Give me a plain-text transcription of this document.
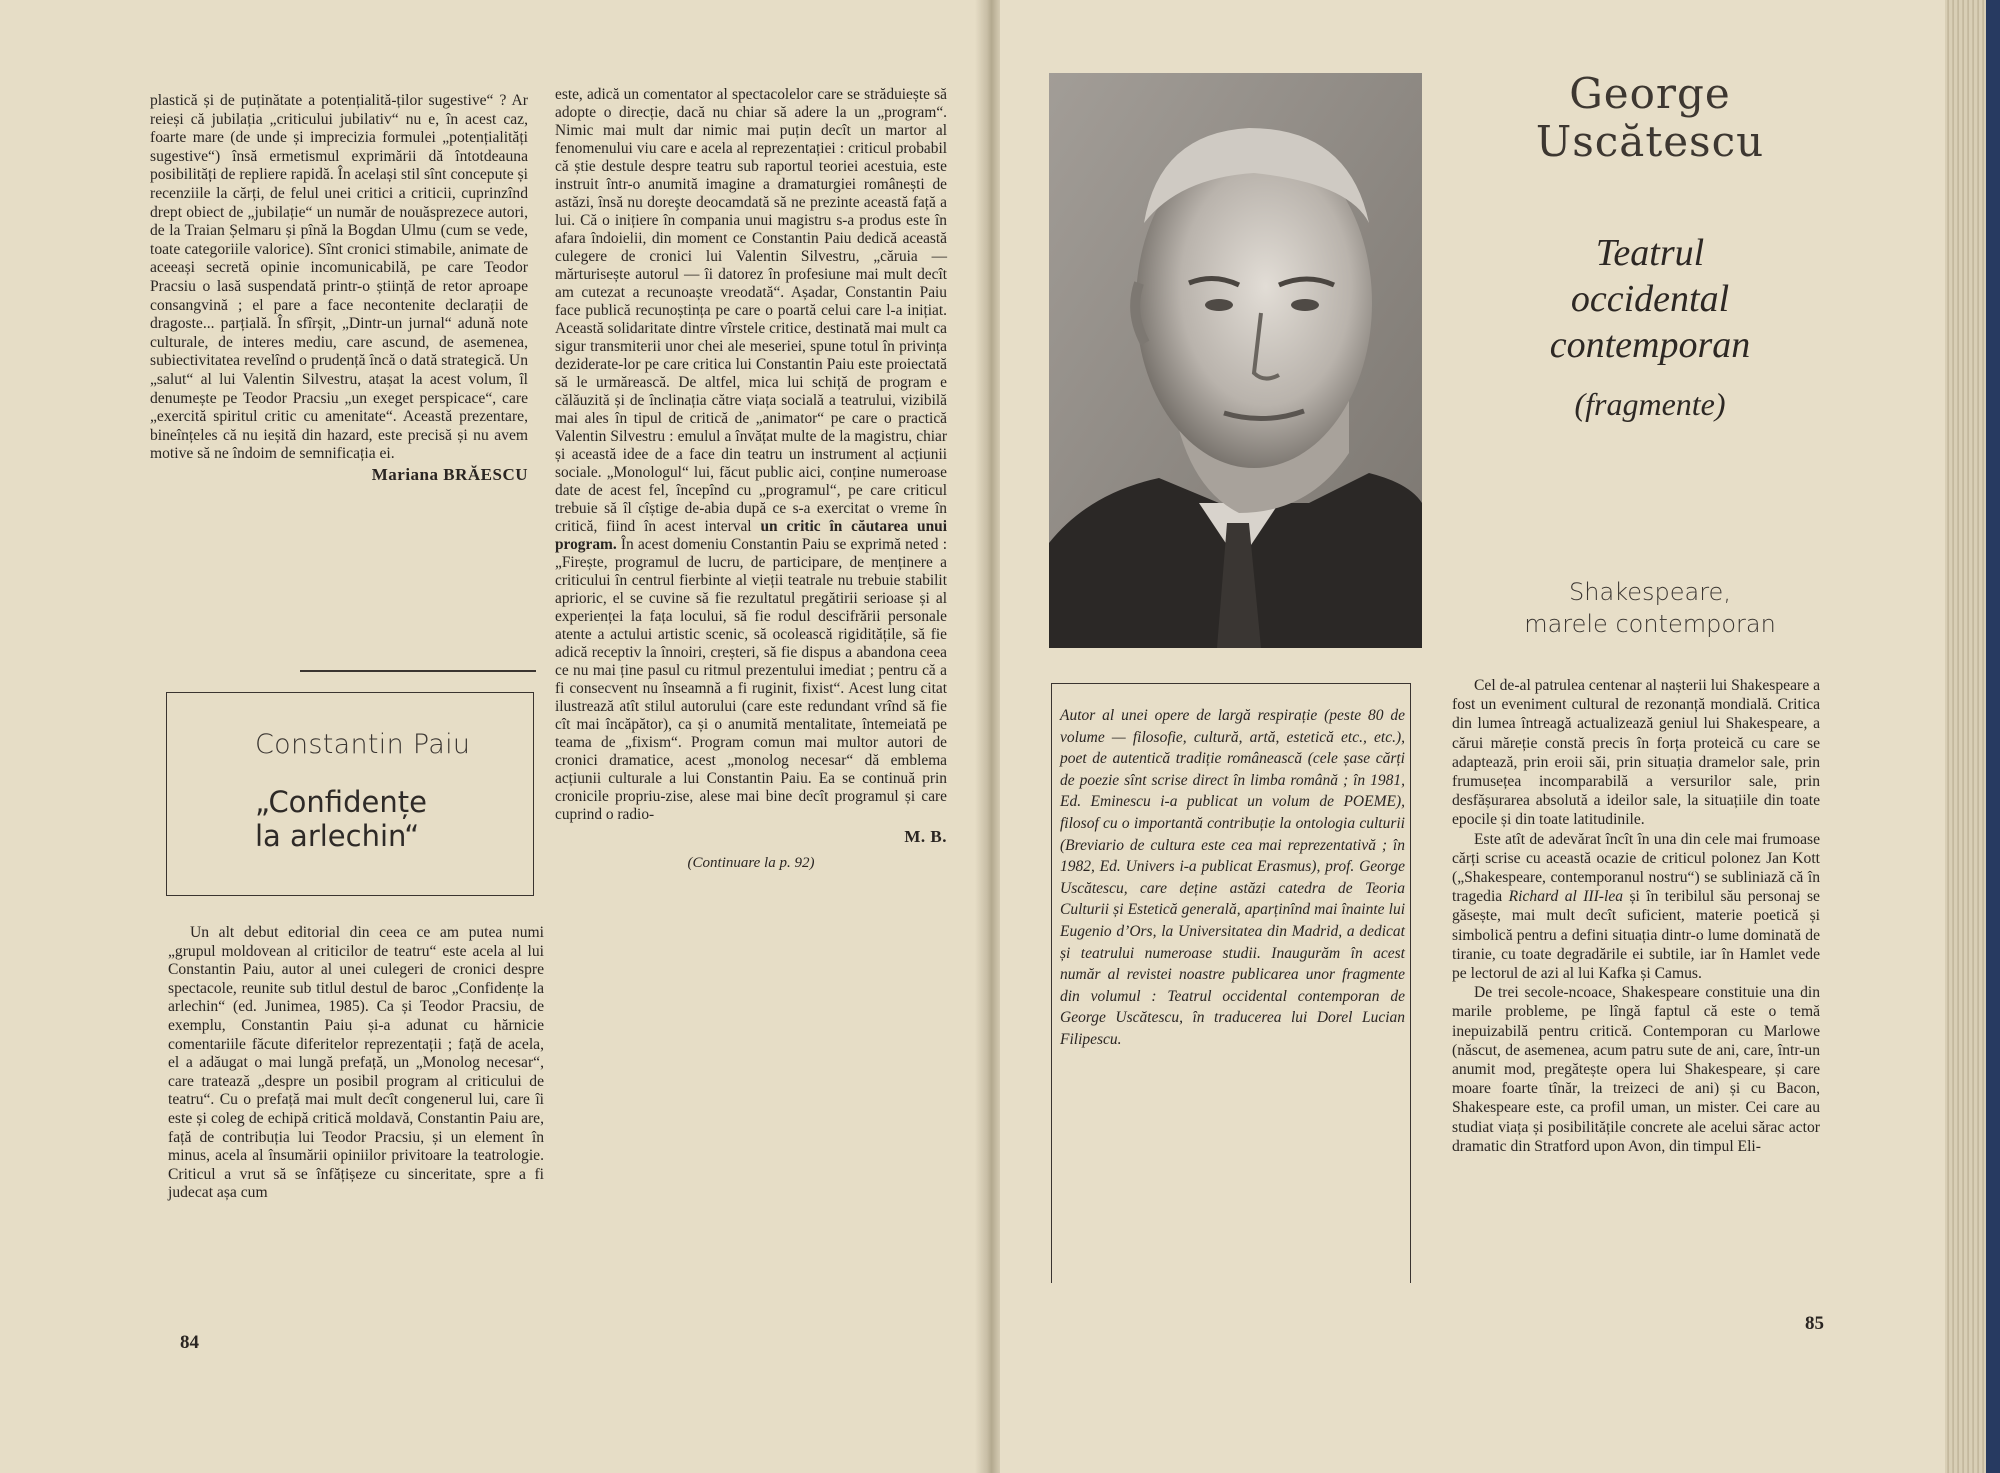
plastică și de puținătate a potențialită-ților sugestive“ ? Ar reieși că jubilația „criticului jubilativ“ nu e, în acest caz, foarte mare (de unde și imprecizia formulei „potențialități sugestive“) însă ermetismul exprimării dă întotdeauna posibilități de repliere rapidă. În același stil sînt concepute și recenziile la cărți, de felul unei critici a criticii, cuprinzînd drept obiect de „jubilație“ un număr de nouăsprezece autori, de la Traian Șelmaru și pînă la Bogdan Ulmu (cum se vede, toate categoriile valorice). Sînt cronici stimabile, animate de aceeași secretă opinie incomunicabilă, pe care Teodor Pracsiu o lasă suspendată printr-o știință de retor aproape consangvină ; el pare a face necontenite declarații de dragoste... parțială. În sfîrșit, „Dintr-un jurnal“ adună note culturale, de interes mediu, care ascund, de asemenea, subiectivitatea revelînd o prudență încă o dată strategică. Un „salut“ al lui Valentin Silvestru, atașat la acest volum, îl denumește pe Teodor Pracsiu „un exeget perspicace“, care „exercită spiritul critic cu amenitate“. Această prezentare, bineînțeles că nu ieșită din hazard, este precisă și nu avem motive să ne îndoim de semnificația ei.

Mariana BRĂESCU

Constantin Paiu
„Confidențe la arlechin“

Un alt debut editorial din ceea ce am putea numi „grupul moldovean al criticilor de teatru“ este acela al lui Constantin Paiu, autor al unei culegeri de cronici despre spectacole, reunite sub titlul destul de baroc „Confidențe la arlechin“ (ed. Junimea, 1985). Ca și Teodor Pracsiu, de exemplu, Constantin Paiu și-a adunat cu hărnicie comentariile făcute diferitelor reprezentații ; față de acela, el a adăugat o mai lungă prefață, un „Monolog necesar“, care tratează „despre un posibil program al criticului de teatru“. Cu o prefață mai mult decît congenerul lui, care îi este și coleg de echipă critică moldavă, Constantin Paiu are, față de contribuția lui Teodor Pracsiu, și un element în minus, acela al însumării opiniilor privitoare la teatrologie. Criticul a vrut să se înfățișeze cu sinceritate, spre a fi judecat așa cum

este, adică un comentator al spectacolelor care se străduiește să adopte o direcție, dacă nu chiar să adere la un „program“. Nimic mai mult dar nimic mai puțin decît un martor al fenomenului viu care e acela al reprezentației : criticul probabil că știe destule despre teatru sub raportul teoriei acestuia, este instruit într-o anumită imagine a dramaturgiei românești de astăzi, însă nu doreşte deocamdată să ne prezinte această față a lui. Că o inițiere în compania unui magistru s-a produs este în afara îndoielii, din moment ce Constantin Paiu dedică această culegere de cronici lui Valentin Silvestru, „căruia — mărturisește autorul — îi datorez în profesiune mai mult decît am cutezat a recunoaște vreodată“. Așadar, Constantin Paiu face publică recunoștința pe care o poartă celui care l-a inițiat. Această solidaritate dintre vîrstele critice, destinată mai mult ca sigur transmiterii unor chei ale meseriei, spune totul în privința deziderate-lor pe care critica lui Constantin Paiu este proiectată să le urmărească. De altfel, mica lui schiță de program e călăuzită și de înclinația către viața socială a teatrului, vizibilă mai ales în tipul de critică de „animator“ pe care o practică Valentin Silvestru : emulul a învățat multe de la magistru, chiar și această idee de a face din teatru un instrument al acțiunii sociale. „Monologul“ lui, făcut public aici, conține numeroase date de acest fel, începînd cu „programul“, pe care criticul trebuie să îl cîștige de-abia după ce s-a exercitat o vreme în critică, fiind în acest interval un critic în căutarea unui program. În acest domeniu Constantin Paiu se exprimă neted : „Firește, programul de lucru, de participare, de menținere a criticului în centrul fierbinte al vieții teatrale nu trebuie stabilit aprioric, el se cuvine să fie rezultatul pregătirii serioase și al experienței la fața locului, să fie rodul descifrării personale atente a actului artistic scenic, să ocolească rigiditățile, să fie adică receptiv la înnoiri, creșteri, să fie dispus a abandona ceea ce nu mai ține pasul cu ritmul prezentului imediat ; pentru că a fi consecvent nu înseamnă a fi ruginit, fixist“. Acest lung citat ilustrează atît stilul autorului (care este redundant vrînd să fie cît mai încăpător), ca și o anumită mentalitate, întemeiată pe teama de „fixism“. Program comun mai multor autori de cronici dramatice, acest „monolog necesar“ dă emblema acțiunii culturale a lui Constantin Paiu. Ea se continuă prin cronicile propriu-zise, alese mai bine decît programul și care cuprind o radio-

M. B.

(Continuare la p. 92)

84
George
Uscătescu
Teatrul
occidental
contemporan
(fragmente)
Shakespeare,
marele contemporan
Autor al unei opere de largă respirație (peste 80 de volume — filosofie, cultură, artă, estetică etc., etc.), poet de autentică tradiție românească (cele șase cărți de poezie sînt scrise direct în limba română ; în 1981, Ed. Eminescu i-a publicat un volum de POEME), filosof cu o importantă contribuție la ontologia culturii (Breviario de cultura este cea mai reprezentativă ; în 1982, Ed. Univers i-a publicat Erasmus), prof. George Uscătescu, care deține astăzi catedra de Teoria Culturii și Estetică generală, aparținînd mai înainte lui Eugenio d’Ors, la Universitatea din Madrid, a dedicat și teatrului numeroase studii. Inaugurăm în acest număr al revistei noastre publicarea unor fragmente din volumul : Teatrul occidental contemporan de George Uscătescu, în traducerea lui Dorel Lucian Filipescu.

Cel de-al patrulea centenar al nașterii lui Shakespeare a fost un eveniment cultural de rezonanță mondială. Critica din lumea întreagă actualizează geniul lui Shakespeare, a cărui măreție constă precis în forța proteică cu care se adaptează, prin eroii săi, prin situația dramelor sale, prin frumusețea incomparabilă a versurilor sale, prin desfășurarea absolută a ideilor sale, la situațiile din toate epocile și din toate latitudinile.

Este atît de adevărat încît în una din cele mai frumoase cărți scrise cu această ocazie de criticul polonez Jan Kott („Shakespeare, contemporanul nostru“) se subliniază că în tragedia Richard al III-lea și în teribilul său personaj se găsește, mai mult decît suficient, materie poetică și simbolică pentru a defini situația dintr-o lume dominată de tiranie, cu toate degradările ei subtile, iar în Hamlet vede pe lectorul de azi al lui Kafka și Camus.

De trei secole-ncoace, Shakespeare constituie una din marile probleme, pe lîngă faptul că este o temă inepuizabilă pentru critică. Contemporan cu Marlowe (născut, de asemenea, acum patru sute de ani, care, într-un anumit mod, pregătește opera lui Shakespeare, și care moare foarte tînăr, la treizeci de ani) și cu Bacon, Shakespeare este, ca profil uman, un mister. Cei care au studiat viața și posibilitățile concrete ale acelui sărac actor dramatic din Stratford upon Avon, din timpul Eli-

85
